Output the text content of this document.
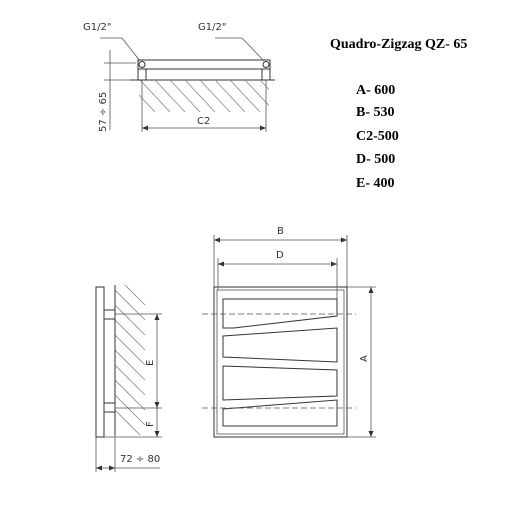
G1/2"	G1/2"
57 ÷ 65	C2
Quadro-Zigzag QZ- 65
A- 600
B- 530
C2-500
D- 500
E- 400
E
F
72 ÷ 80
B
D
A
